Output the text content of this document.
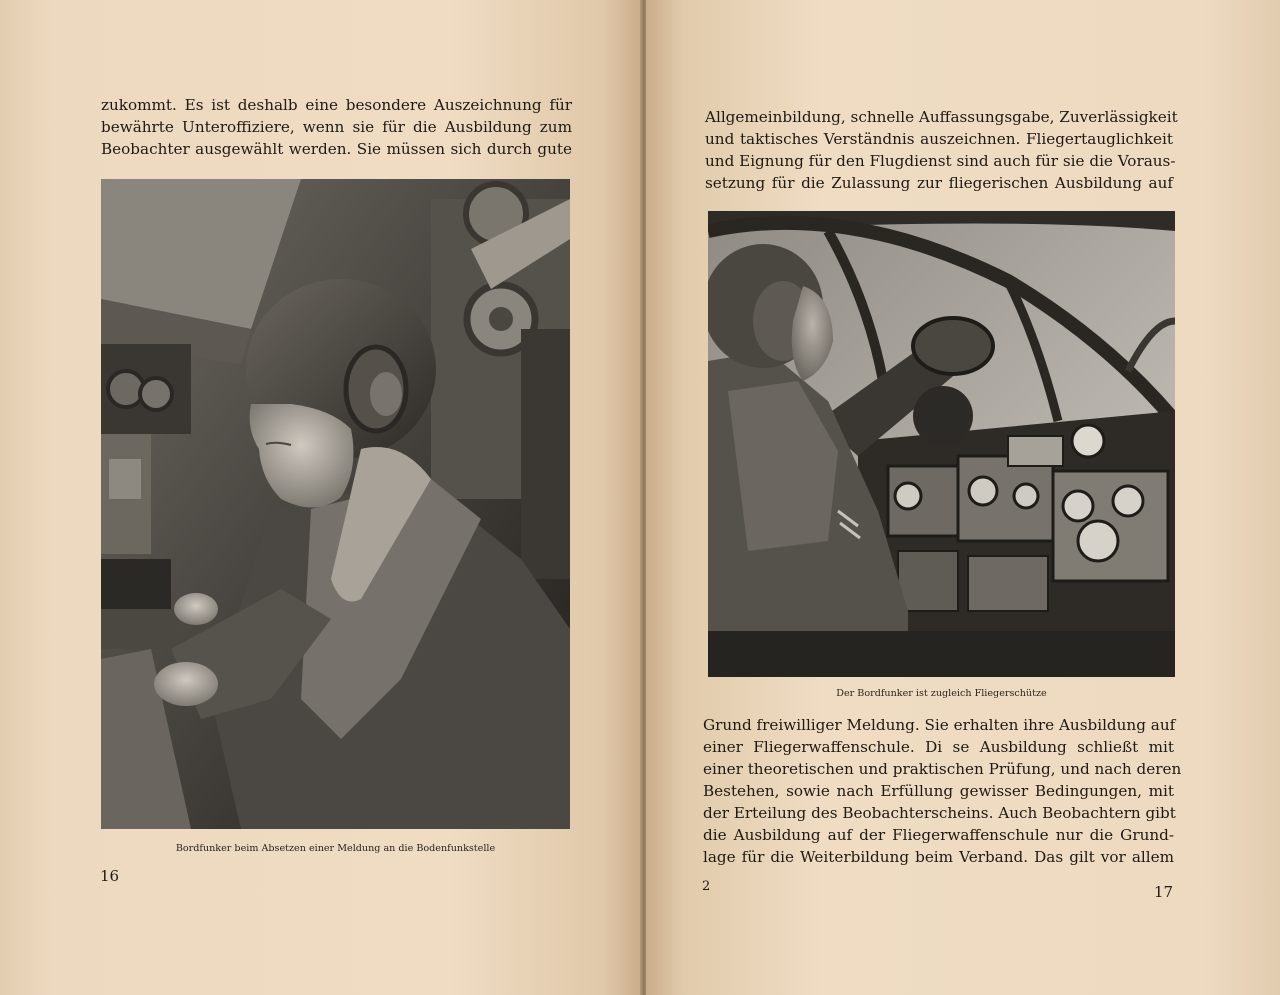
zukommt. Es ist deshalb eine besondere Auszeichnung für
bewährte Unteroffiziere, wenn sie für die Ausbildung zum
Beobachter ausgewählt werden. Sie müssen sich durch gute
Bordfunker beim Absetzen einer Meldung an die Bodenfunkstelle
16
Allgemeinbildung, schnelle Auffassungsgabe, Zuverlässigkeit
und taktisches Verständnis auszeichnen. Fliegertauglichkeit
und Eignung für den Flugdienst sind auch für sie die Voraus-
setzung für die Zulassung zur fliegerischen Ausbildung auf
Der Bordfunker ist zugleich Fliegerschütze
Grund freiwilliger Meldung. Sie erhalten ihre Ausbildung auf
einer Fliegerwaffenschule. Di se Ausbildung schließt mit
einer theoretischen und praktischen Prüfung, und nach deren
Bestehen, sowie nach Erfüllung gewisser Bedingungen, mit
der Erteilung des Beobachterscheins. Auch Beobachtern gibt
die Ausbildung auf der Fliegerwaffenschule nur die Grund-
lage für die Weiterbildung beim Verband. Das gilt vor allem
2	17
